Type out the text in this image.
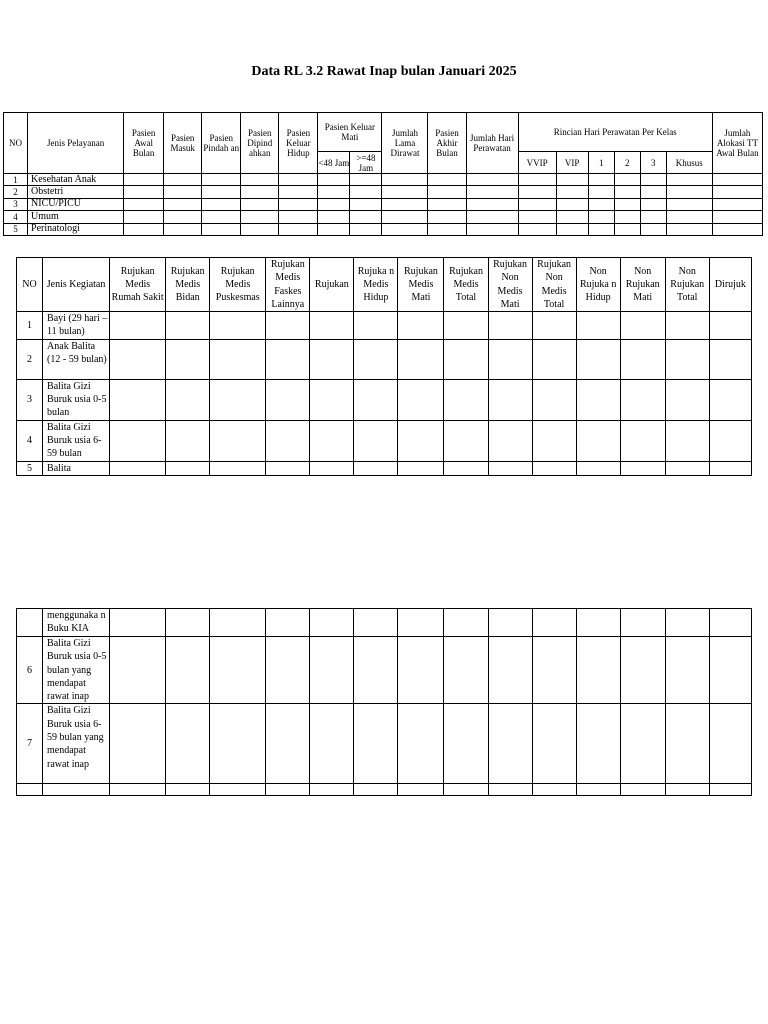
Data RL 3.2 Rawat Inap bulan Januari 2025
NO	Jenis Pelayanan	Pasien Awal Bulan	Pasien Masuk	Pasien Pindah an	Pasien Dipind ahkan	Pasien Keluar Hidup	Pasien Keluar Mati		Jumlah Lama Dirawat	Pasien Akhir Bulan	Jumlah Hari Perawatan	Rincian Hari Perawatan Per Kelas						Jumlah Alokasi TT Awal Bulan
							<48 Jam	>=48 Jam				VVIP	VIP	1	2	3	Khusus	
1	Kesehatan Anak																	
2	Obstetri																	
3	NICU/PICU																	
4	Umum																	
5	Perinatologi																	
NO	Jenis Kegiatan	Rujukan Medis Rumah Sakit	Rujukan Medis Bidan	Rujukan Medis Puskesmas	Rujukan Medis Faskes Lainnya	Rujukan	Rujuka n Medis Hidup	Rujukan Medis Mati	Rujukan Medis Total	Rujukan Non Medis Mati	Rujukan Non Medis Total	Non Rujuka n Hidup	Non Rujukan Mati	Non Rujukan Total	Dirujuk
1	Bayi (29 hari – 11 bulan)														
2	Anak Balita (12 - 59 bulan)														
3	Balita Gizi Buruk usia 0-5 bulan														
4	Balita Gizi Buruk usia 6-59 bulan														
5	Balita														
	menggunaka n Buku KIA														
6	Balita Gizi Buruk usia 0-5 bulan yang mendapat rawat inap														
7	Balita Gizi Buruk usia 6-59 bulan yang mendapat rawat inap														
